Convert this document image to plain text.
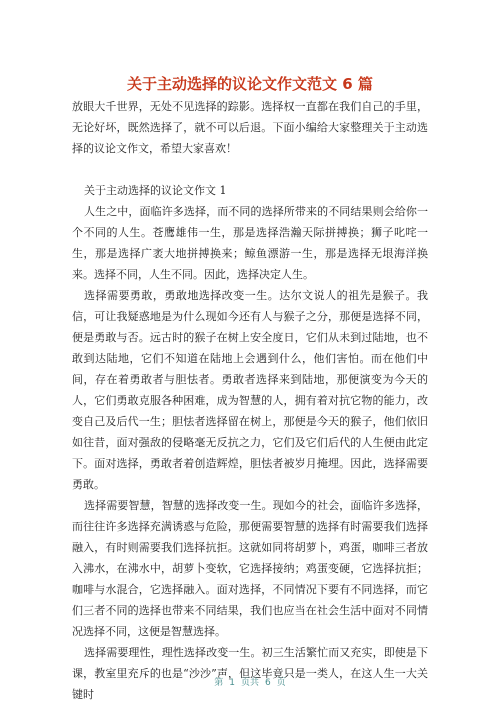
关于主动选择的议论文作文范文 6 篇

放眼大千世界，无处不见选择的踪影。选择权一直都在我们自己的手里，无论好坏，既然选择了，就不可以后退。下面小编给大家整理关于主动选择的议论文作文，希望大家喜欢！

关于主动选择的议论文作文 1

人生之中，面临许多选择，而不同的选择所带来的不同结果则会给你一个不同的人生。苍鹰雄伟一生，那是选择浩瀚天际拼搏换；狮子叱咤一生，那是选择广袤大地拼搏换来；鲸鱼漂游一生，那是选择无垠海洋换来。选择不同，人生不同。因此，选择决定人生。

选择需要勇敢，勇敢地选择改变一生。达尔文说人的祖先是猴子。我信，可让我疑惑地是为什么现如今还有人与猴子之分，那便是选择不同，便是勇敢与否。远古时的猴子在树上安全度日，它们从未到过陆地，也不敢到达陆地，它们不知道在陆地上会遇到什么，他们害怕。而在他们中间，存在着勇敢者与胆怯者。勇敢者选择来到陆地，那便演变为今天的人，它们勇敢克服各种困难，成为智慧的人，拥有着对抗它物的能力，改变自己及后代一生；胆怯者选择留在树上，那便是今天的猴子，他们依旧如往昔，面对强敌的侵略毫无反抗之力，它们及它们后代的人生便由此定下。面对选择，勇敢者着创造辉煌，胆怯者被岁月掩埋。因此，选择需要勇敢。

选择需要智慧，智慧的选择改变一生。现如今的社会，面临许多选择，而往往许多选择充满诱惑与危险，那便需要智慧的选择有时需要我们选择融入，有时则需要我们选择抗拒。这就如同将胡萝卜，鸡蛋，咖啡三者放入沸水，在沸水中，胡萝卜变软，它选择接纳；鸡蛋变硬，它选择抗拒；咖啡与水混合，它选择融入。面对选择，不同情况下要有不同选择，而它们三者不同的选择也带来不同结果，我们也应当在社会生活中面对不同情况选择不同，这便是智慧选择。

选择需要理性，理性选择改变一生。初三生活繁忙而又充实，即使是下课，教室里充斥的也是“沙沙”声，但这毕竟只是一类人，在这人生一大关键时

第 1 页共 6 页
